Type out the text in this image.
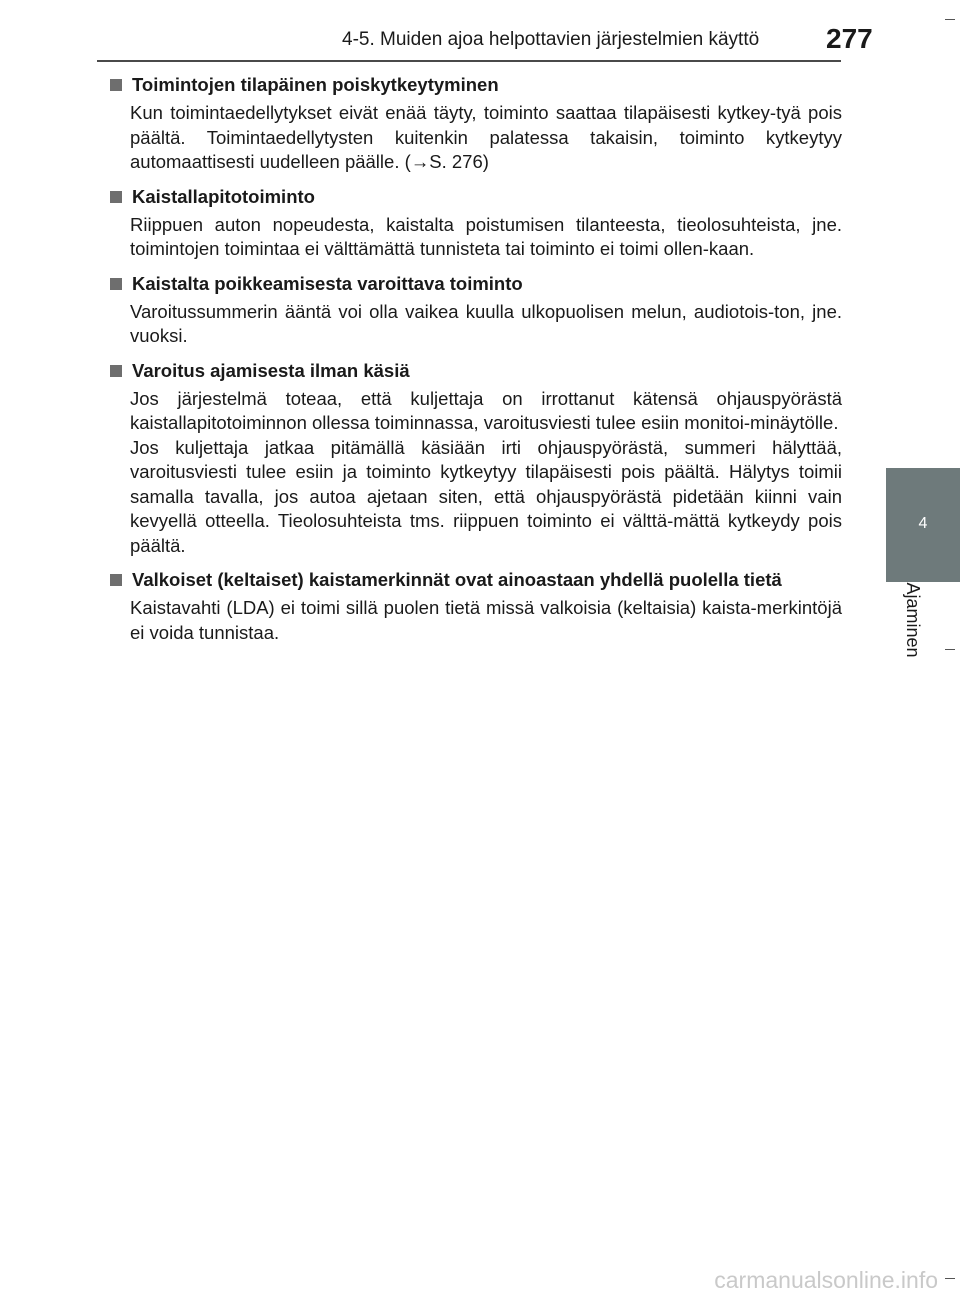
4-5. Muiden ajoa helpottavien järjestelmien käyttö 277
4
Ajaminen
Toimintojen tilapäinen poiskytkeytyminen

Kun toimintaedellytykset eivät enää täyty, toiminto saattaa tilapäisesti kytkey-tyä pois päältä. Toimintaedellytysten kuitenkin palatessa takaisin, toiminto kytkeytyy automaattisesti uudelleen päälle. (→S. 276)

Kaistallapitotoiminto

Riippuen auton nopeudesta, kaistalta poistumisen tilanteesta, tieolosuhteista, jne. toimintojen toimintaa ei välttämättä tunnisteta tai toiminto ei toimi ollen-kaan.

Kaistalta poikkeamisesta varoittava toiminto

Varoitussummerin ääntä voi olla vaikea kuulla ulkopuolisen melun, audiotois-ton, jne. vuoksi.

Varoitus ajamisesta ilman käsiä

Jos järjestelmä toteaa, että kuljettaja on irrottanut kätensä ohjauspyörästä kaistallapitotoiminnon ollessa toiminnassa, varoitusviesti tulee esiin monitoi-minäytölle.

Jos kuljettaja jatkaa pitämällä käsiään irti ohjauspyörästä, summeri hälyttää, varoitusviesti tulee esiin ja toiminto kytkeytyy tilapäisesti pois päältä. Hälytys toimii samalla tavalla, jos autoa ajetaan siten, että ohjauspyörästä pidetään kiinni vain kevyellä otteella. Tieolosuhteista tms. riippuen toiminto ei välttä-mättä kytkeydy pois päältä.

Valkoiset (keltaiset) kaistamerkinnät ovat ainoastaan yhdellä puolella tietä

Kaistavahti (LDA) ei toimi sillä puolen tietä missä valkoisia (keltaisia) kaista-merkintöjä ei voida tunnistaa.

carmanualsonline.info
